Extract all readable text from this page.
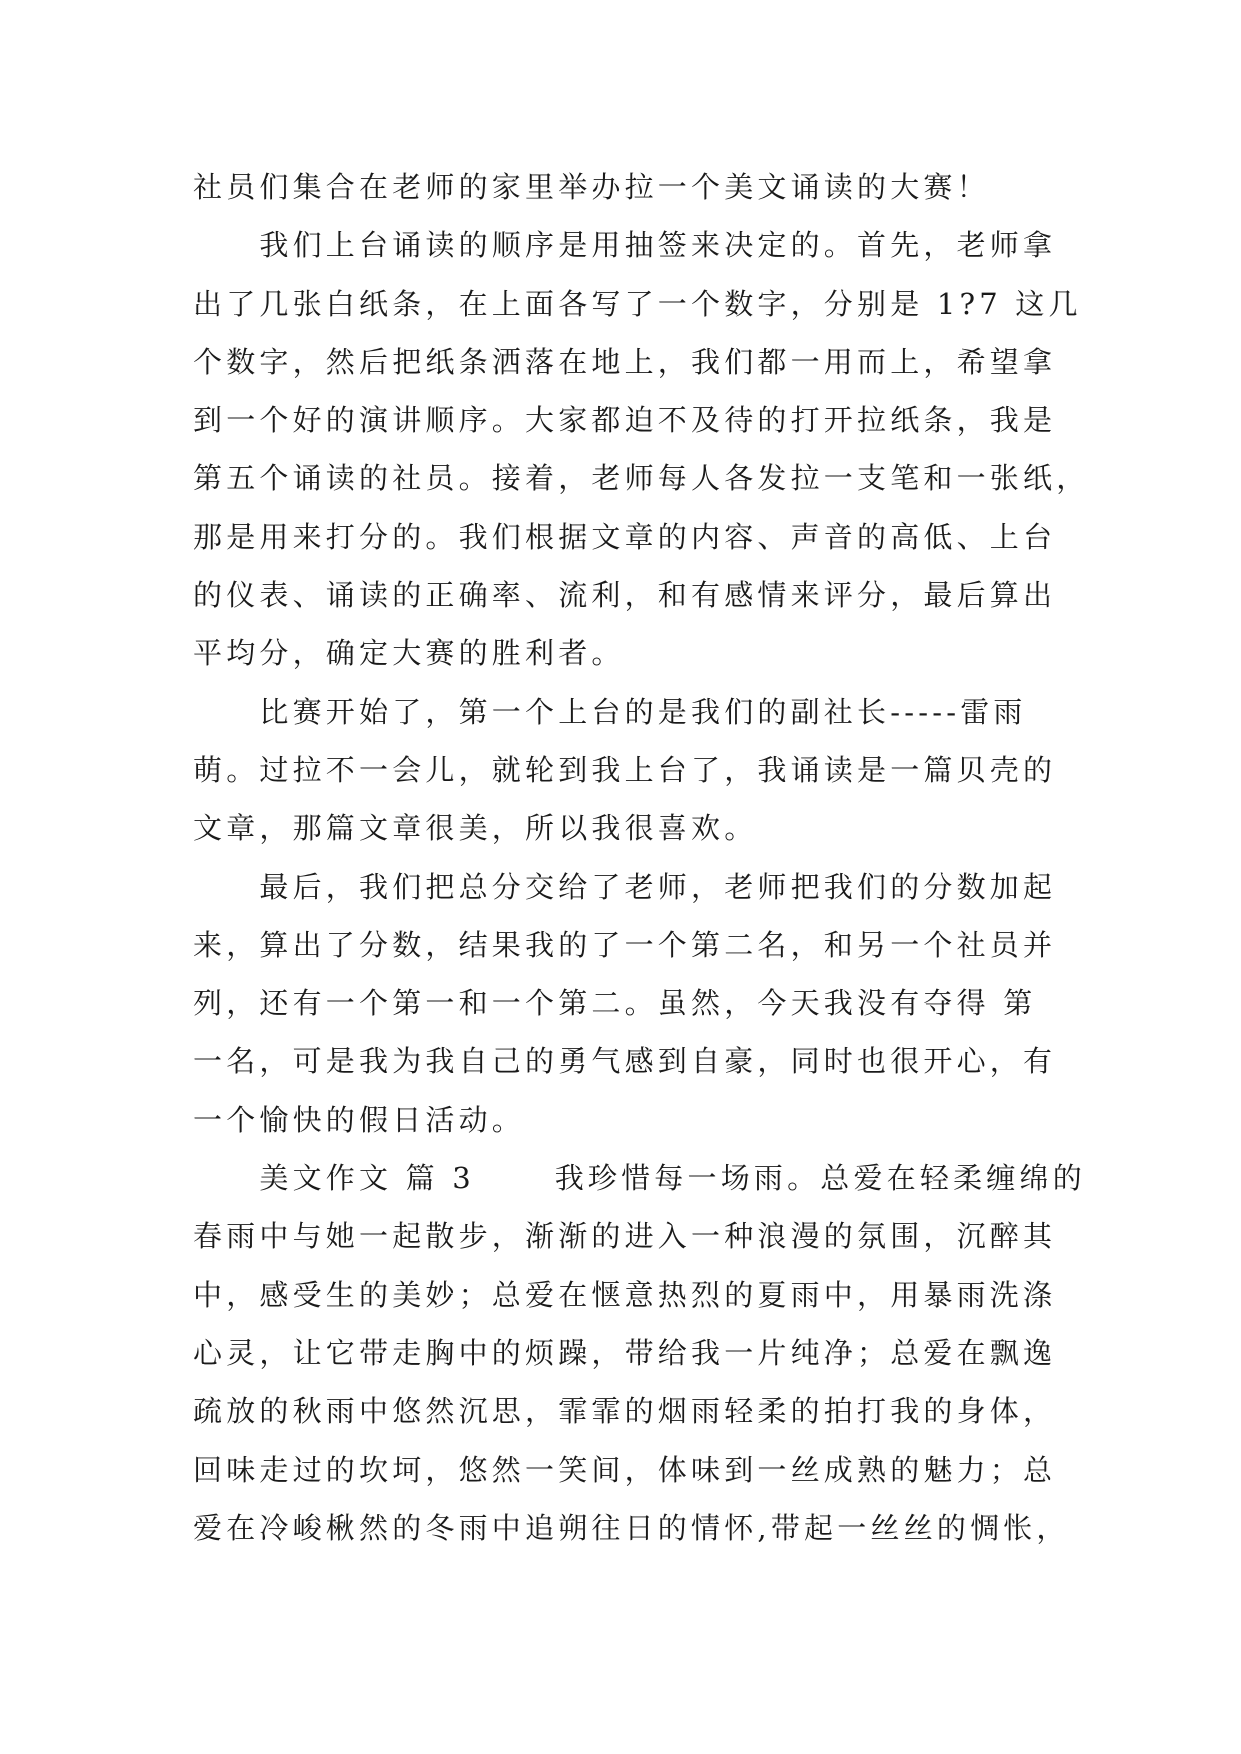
社员们集合在老师的家里举办拉一个美文诵读的大赛！
　　我们上台诵读的顺序是用抽签来决定的。首先，老师拿
出了几张白纸条，在上面各写了一个数字，分别是 1?7 这几
个数字，然后把纸条洒落在地上，我们都一用而上，希望拿
到一个好的演讲顺序。大家都迫不及待的打开拉纸条，我是
第五个诵读的社员。接着，老师每人各发拉一支笔和一张纸，
那是用来打分的。我们根据文章的内容、声音的高低、上台
的仪表、诵读的正确率、流利，和有感情来评分，最后算出
平均分，确定大赛的胜利者。
　　比赛开始了，第一个上台的是我们的副社长-----雷雨
萌。过拉不一会儿，就轮到我上台了，我诵读是一篇贝壳的
文章，那篇文章很美，所以我很喜欢。
　　最后，我们把总分交给了老师，老师把我们的分数加起
来，算出了分数，结果我的了一个第二名，和另一个社员并
列，还有一个第一和一个第二。虽然，今天我没有夺得 第
一名，可是我为我自己的勇气感到自豪，同时也很开心，有
一个愉快的假日活动。
　　美文作文 篇 3 　　我珍惜每一场雨。总爱在轻柔缠绵的
春雨中与她一起散步，渐渐的进入一种浪漫的氛围，沉醉其
中，感受生的美妙；总爱在惬意热烈的夏雨中，用暴雨洗涤
心灵，让它带走胸中的烦躁，带给我一片纯净；总爱在飘逸
疏放的秋雨中悠然沉思，霏霏的烟雨轻柔的拍打我的身体，
回味走过的坎坷，悠然一笑间，体味到一丝成熟的魅力；总
爱在冷峻楸然的冬雨中追朔往日的情怀,带起一丝丝的惆怅，
